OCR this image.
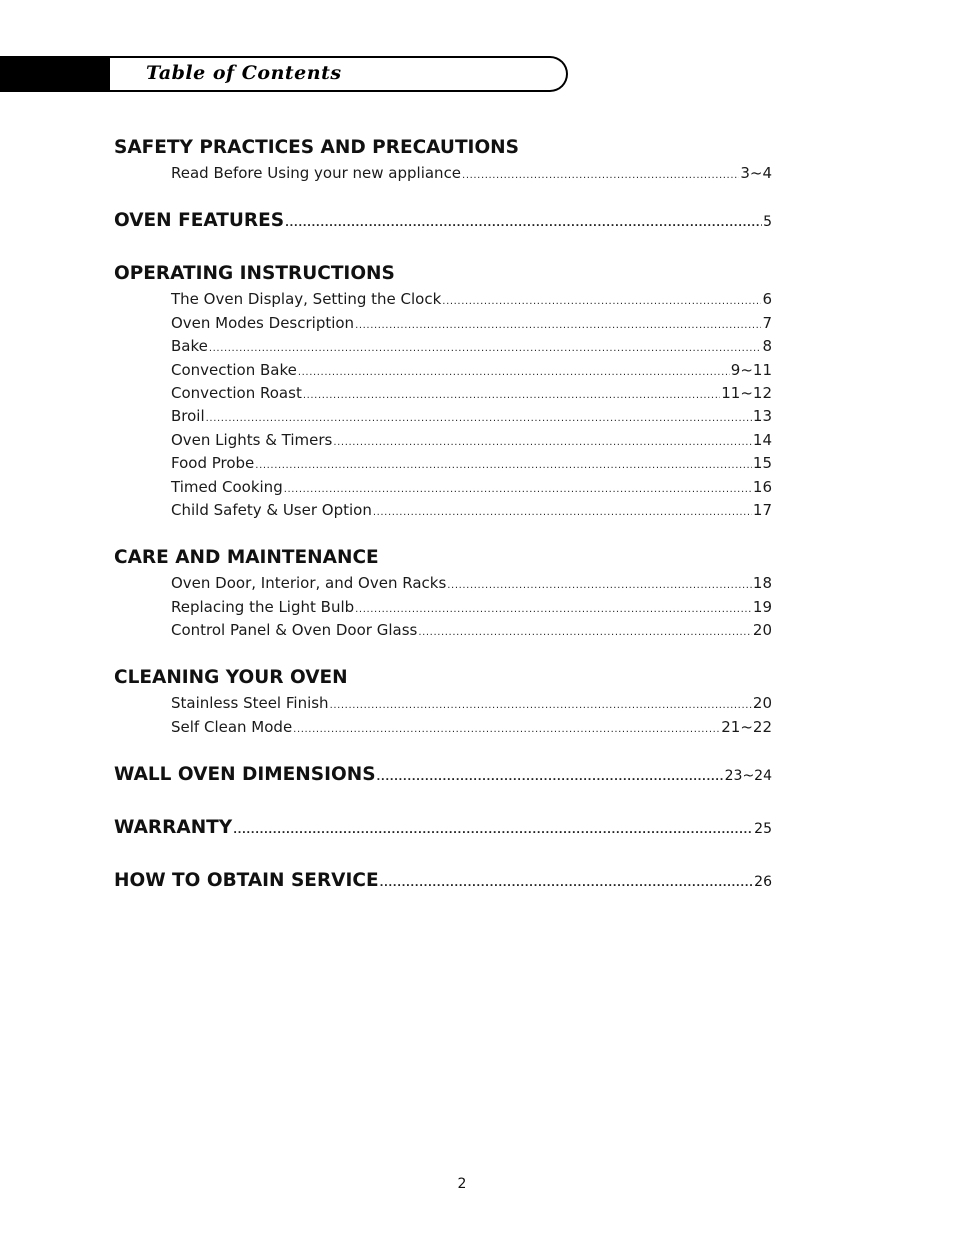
Table of Contents
SAFETY PRACTICES AND PRECAUTIONS
Read Before Using your new appliance .....	3~4
OVEN FEATURES .....	5
OPERATING INSTRUCTIONS
The Oven Display, Setting the Clock .....	6
Oven Modes Description .....	7
Bake .....	8
Convection Bake .....	9~11
Convection Roast .....	11~12
Broil .....	13
Oven Lights & Timers .....	14
Food Probe .....	15
Timed Cooking .....	16
Child Safety & User Option .....	17
CARE AND MAINTENANCE
Oven Door, Interior, and Oven Racks .....	18
Replacing the Light Bulb .....	19
Control Panel & Oven Door Glass .....	20
CLEANING YOUR OVEN
Stainless Steel Finish .....	20
Self Clean Mode .....	21~22
WALL OVEN DIMENSIONS .....	23~24
WARRANTY .....	25
HOW TO OBTAIN SERVICE .....	26
2
